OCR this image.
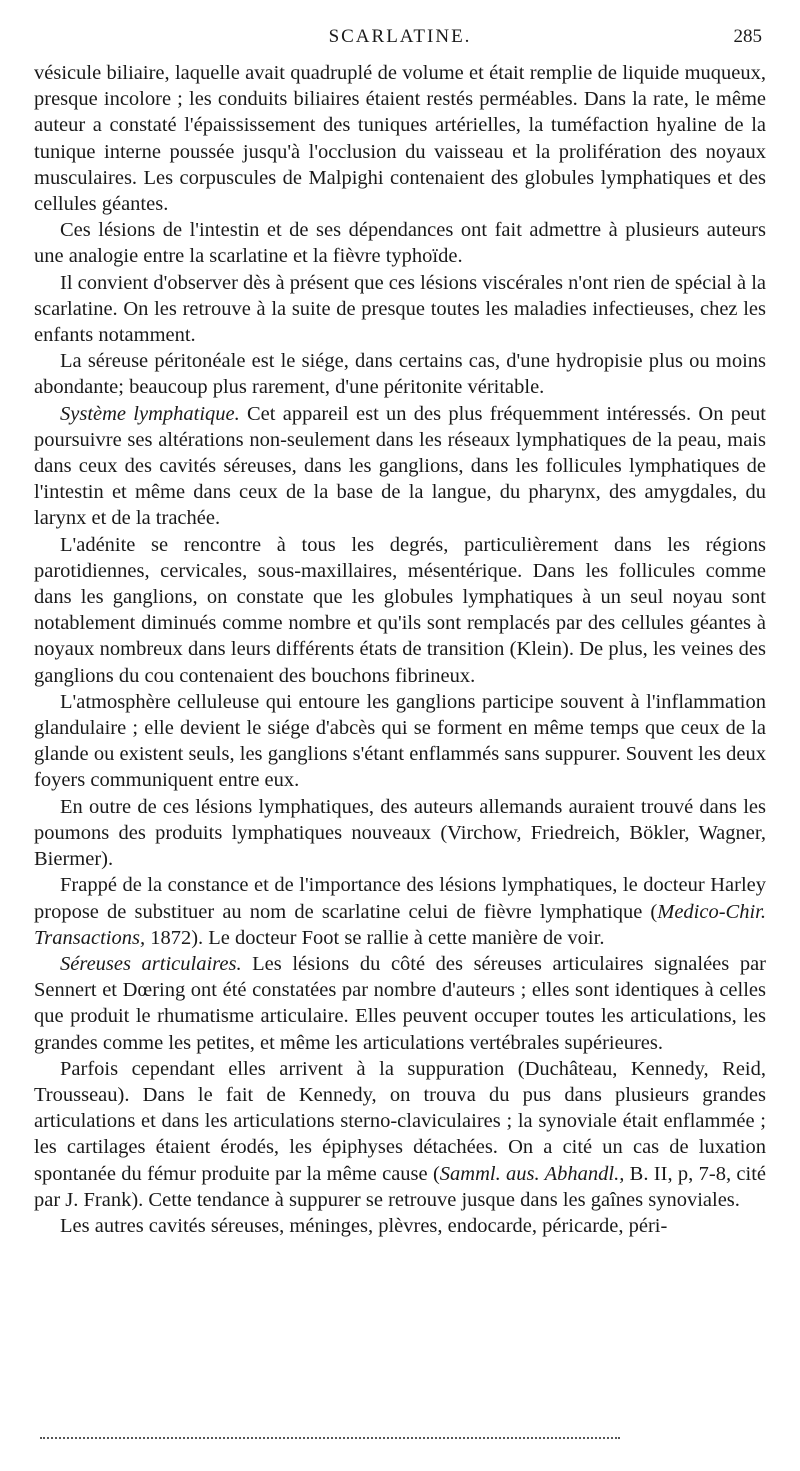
SCARLATINE.	285

vésicule biliaire, laquelle avait quadruplé de volume et était remplie de liquide muqueux, presque incolore ; les conduits biliaires étaient restés perméables. Dans la rate, le même auteur a constaté l'épaississement des tuniques artérielles, la tuméfaction hyaline de la tunique interne poussée jusqu'à l'occlusion du vaisseau et la prolifération des noyaux musculaires. Les corpuscules de Malpighi contenaient des globules lymphatiques et des cellules géantes.

Ces lésions de l'intestin et de ses dépendances ont fait admettre à plusieurs auteurs une analogie entre la scarlatine et la fièvre typhoïde.

Il convient d'observer dès à présent que ces lésions viscérales n'ont rien de spécial à la scarlatine. On les retrouve à la suite de presque toutes les maladies infectieuses, chez les enfants notamment.

La séreuse péritonéale est le siége, dans certains cas, d'une hydropisie plus ou moins abondante; beaucoup plus rarement, d'une péritonite véritable.

Système lymphatique. Cet appareil est un des plus fréquemment intéressés. On peut poursuivre ses altérations non-seulement dans les réseaux lymphatiques de la peau, mais dans ceux des cavités séreuses, dans les ganglions, dans les follicules lymphatiques de l'intestin et même dans ceux de la base de la langue, du pharynx, des amygdales, du larynx et de la trachée.

L'adénite se rencontre à tous les degrés, particulièrement dans les régions parotidiennes, cervicales, sous-maxillaires, mésentérique. Dans les follicules comme dans les ganglions, on constate que les globules lymphatiques à un seul noyau sont notablement diminués comme nombre et qu'ils sont remplacés par des cellules géantes à noyaux nombreux dans leurs différents états de transition (Klein). De plus, les veines des ganglions du cou contenaient des bouchons fibrineux.

L'atmosphère celluleuse qui entoure les ganglions participe souvent à l'inflammation glandulaire ; elle devient le siége d'abcès qui se forment en même temps que ceux de la glande ou existent seuls, les ganglions s'étant enflammés sans suppurer. Souvent les deux foyers communiquent entre eux.

En outre de ces lésions lymphatiques, des auteurs allemands auraient trouvé dans les poumons des produits lymphatiques nouveaux (Virchow, Friedreich, Bökler, Wagner, Biermer).

Frappé de la constance et de l'importance des lésions lymphatiques, le docteur Harley propose de substituer au nom de scarlatine celui de fièvre lymphatique (Medico-Chir. Transactions, 1872). Le docteur Foot se rallie à cette manière de voir.

Séreuses articulaires. Les lésions du côté des séreuses articulaires signalées par Sennert et Dœring ont été constatées par nombre d'auteurs ; elles sont identiques à celles que produit le rhumatisme articulaire. Elles peuvent occuper toutes les articulations, les grandes comme les petites, et même les articulations vertébrales supérieures.

Parfois cependant elles arrivent à la suppuration (Duchâteau, Kennedy, Reid, Trousseau). Dans le fait de Kennedy, on trouva du pus dans plusieurs grandes articulations et dans les articulations sterno-claviculaires ; la synoviale était enflammée ; les cartilages étaient érodés, les épiphyses détachées. On a cité un cas de luxation spontanée du fémur produite par la même cause (Samml. aus. Abhandl., B. II, p, 7-8, cité par J. Frank). Cette tendance à suppurer se retrouve jusque dans les gaînes synoviales.

Les autres cavités séreuses, méninges, plèvres, endocarde, péricarde, péri-
